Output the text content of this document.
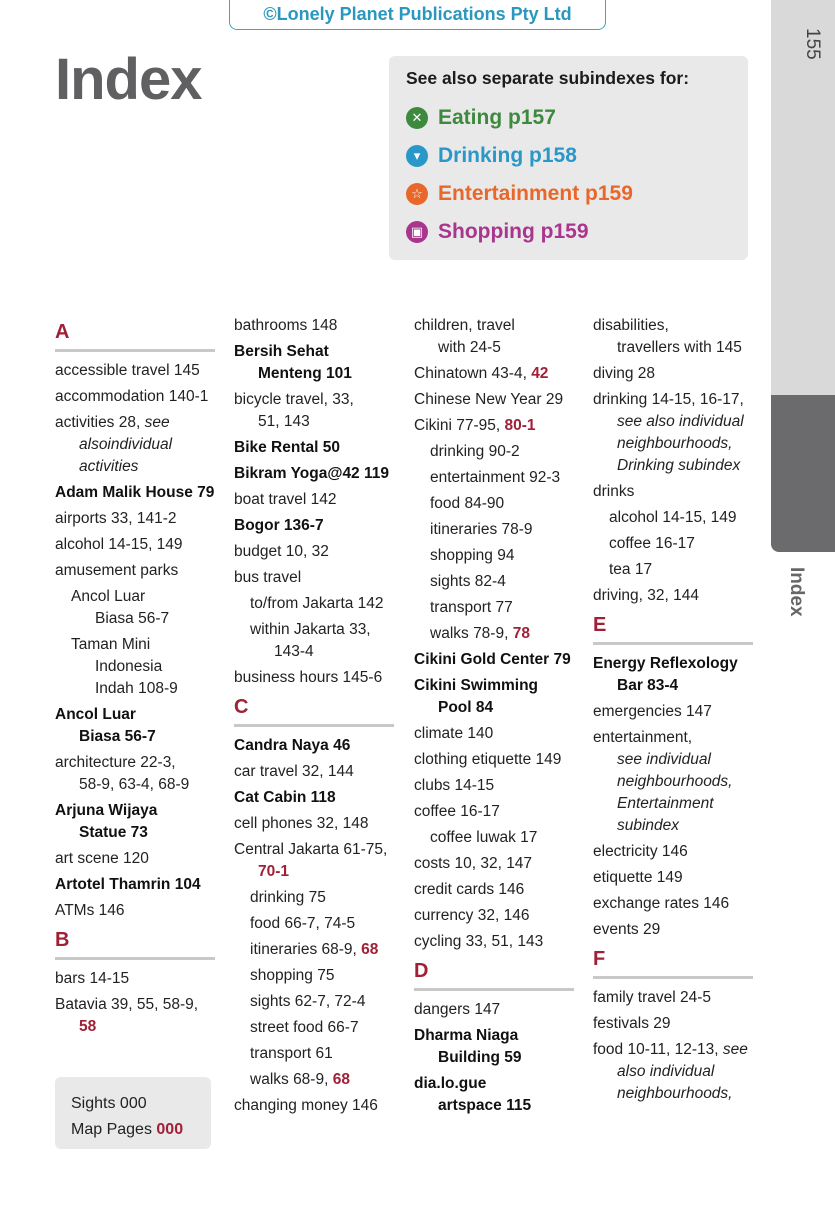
©Lonely Planet Publications Pty Ltd
Index	See also separate subindexes for:
✕ Eating p157
▾ Drinking p158
☆ Entertainment p159
▣ Shopping p159
155
Index
A
accessible travel 145
accommodation 140-1
activities 28, see
alsoindividual
activities
Adam Malik House 79
airports 33, 141-2
alcohol 14-15, 149
amusement parks
Ancol Luar
Biasa 56-7
Taman Mini
Indonesia
Indah 108-9
Ancol Luar
Biasa 56-7
architecture 22-3,
58-9, 63-4, 68-9
Arjuna Wijaya
Statue 73
art scene 120
Artotel Thamrin 104
ATMs 146
B
bars 14-15
Batavia 39, 55, 58-9,
58
bathrooms 148
Bersih Sehat
Menteng 101
bicycle travel, 33,
51, 143
Bike Rental 50
Bikram Yoga@42 119
boat travel 142
Bogor 136-7
budget 10, 32
bus travel
to/from Jakarta 142
within Jakarta 33,
143-4
business hours 145-6
C
Candra Naya 46
car travel 32, 144
Cat Cabin 118
cell phones 32, 148
Central Jakarta 61-75,
70-1
drinking 75
food 66-7, 74-5
itineraries 68-9, 68
shopping 75
sights 62-7, 72-4
street food 66-7
transport 61
walks 68-9, 68
changing money 146
children, travel
with 24-5
Chinatown 43-4, 42
Chinese New Year 29
Cikini 77-95, 80-1
drinking 90-2
entertainment 92-3
food 84-90
itineraries 78-9
shopping 94
sights 82-4
transport 77
walks 78-9, 78
Cikini Gold Center 79
Cikini Swimming
Pool 84
climate 140
clothing etiquette 149
clubs 14-15
coffee 16-17
coffee luwak 17
costs 10, 32, 147
credit cards 146
currency 32, 146
cycling 33, 51, 143
D
dangers 147
Dharma Niaga
Building 59
dia.lo.gue
artspace 115
disabilities,
travellers with 145
diving 28
drinking 14-15, 16-17,
see also individual
neighbourhoods,
Drinking subindex
drinks
alcohol 14-15, 149
coffee 16-17
tea 17
driving, 32, 144
E
Energy Reflexology
Bar 83-4
emergencies 147
entertainment,
see individual
neighbourhoods,
Entertainment
subindex
electricity 146
etiquette 149
exchange rates 146
events 29
F
family travel 24-5
festivals 29
food 10-11, 12-13, see
also individual
neighbourhoods,
Sights 000
Map Pages 000
